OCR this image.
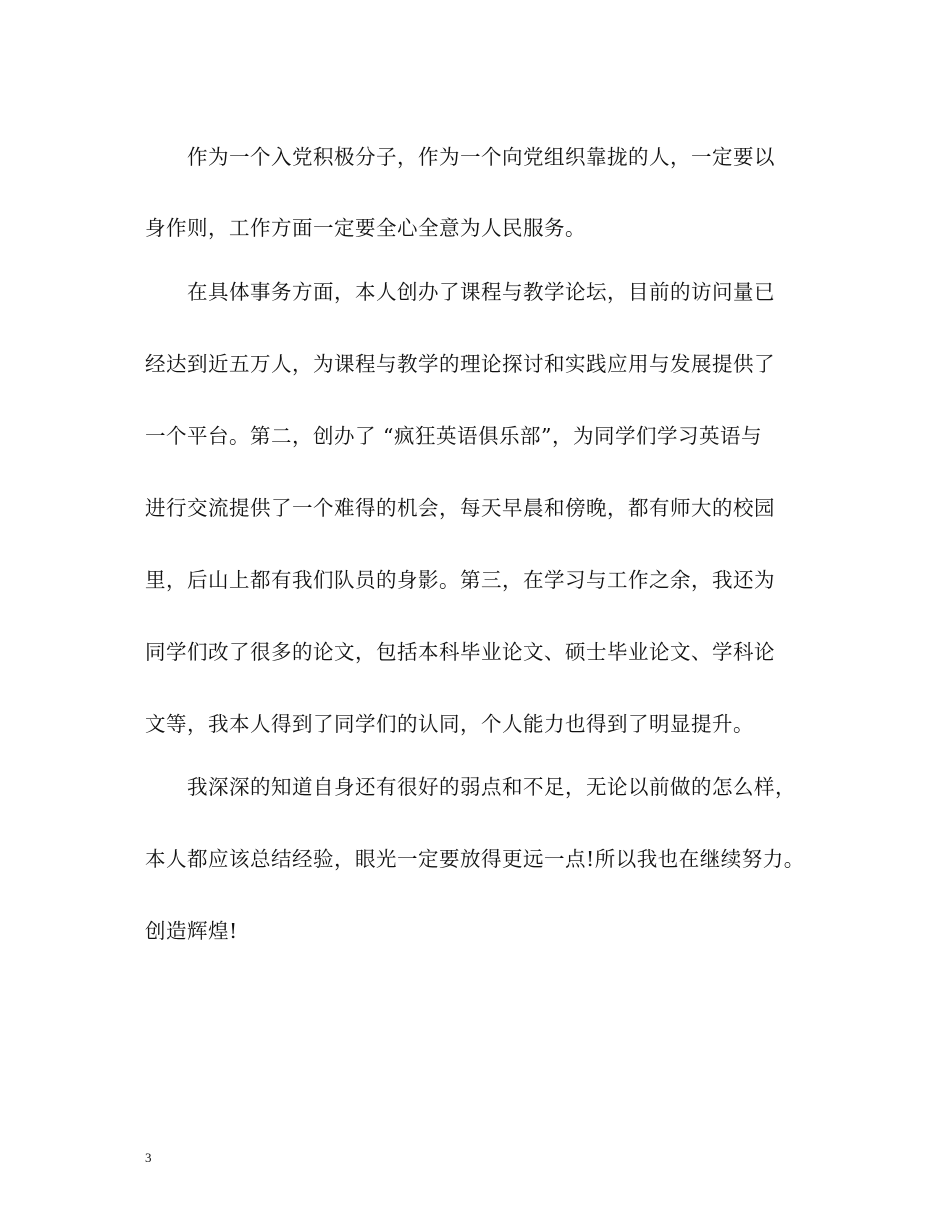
　　作为一个入党积极分子，作为一个向党组织靠拢的人，一定要以
身作则，工作方面一定要全心全意为人民服务。
　　在具体事务方面，本人创办了课程与教学论坛，目前的访问量已
经达到近五万人，为课程与教学的理论探讨和实践应用与发展提供了
一个平台。第二，创办了 “疯狂英语俱乐部”，为同学们学习英语与
进行交流提供了一个难得的机会，每天早晨和傍晚，都有师大的校园
里，后山上都有我们队员的身影。第三，在学习与工作之余，我还为
同学们改了很多的论文，包括本科毕业论文、硕士毕业论文、学科论
文等，我本人得到了同学们的认同，个人能力也得到了明显提升。
　　我深深的知道自身还有很好的弱点和不足，无论以前做的怎么样，
本人都应该总结经验，眼光一定要放得更远一点!所以我也在继续努力。
创造辉煌!
3
